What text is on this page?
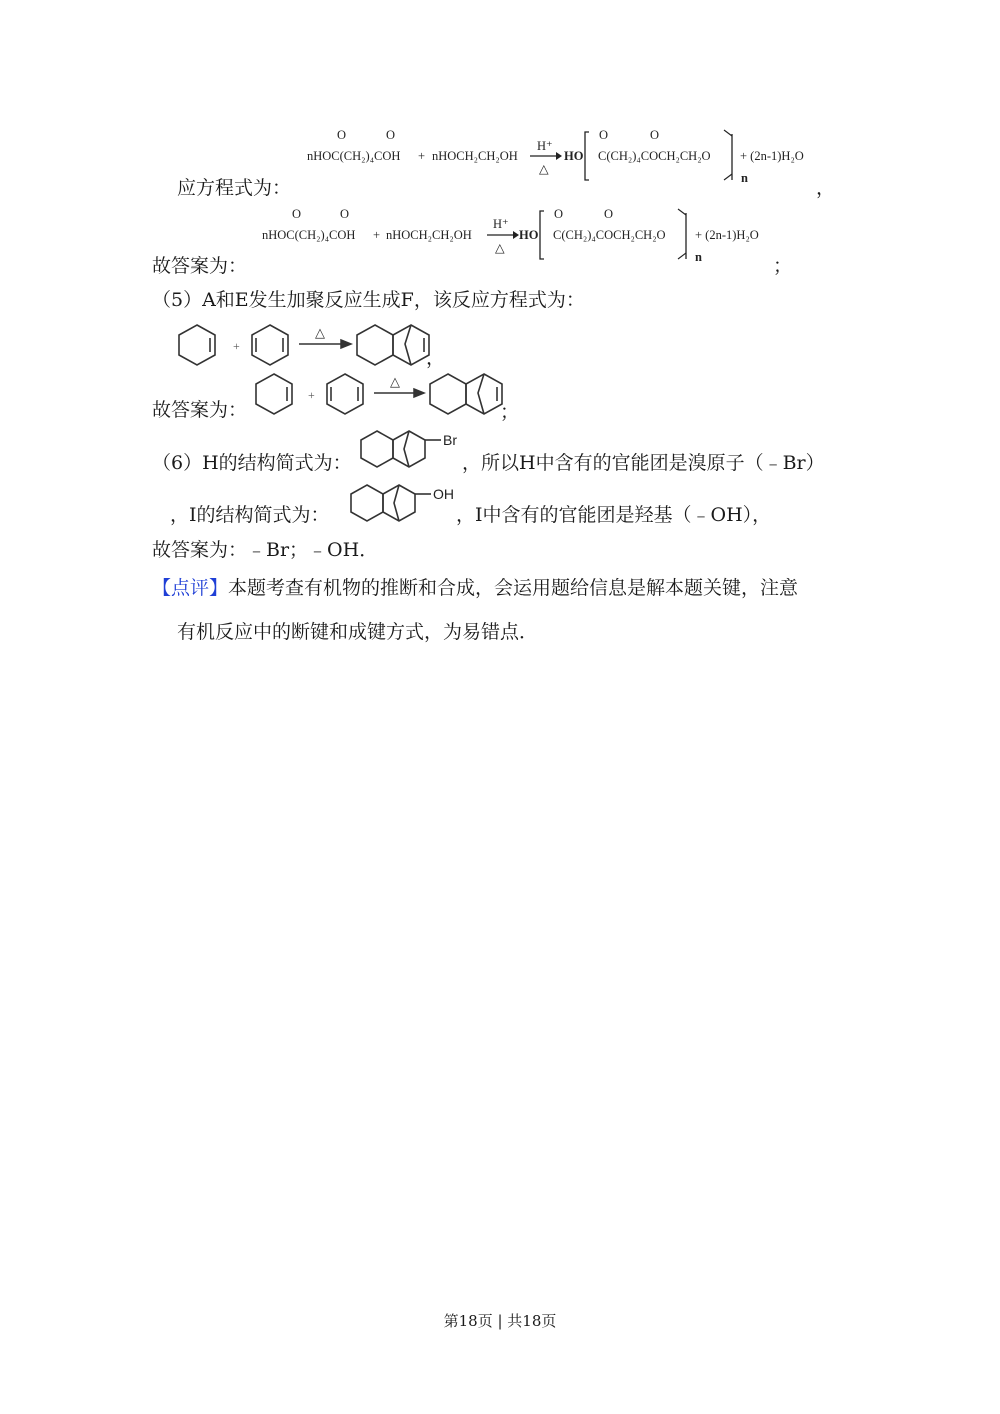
O	O
nHOC(CH₂)₄COH + nHOCH₂CH₂OH
H⁺
△
HO
O	O
C(CH₂)₄COCH₂CH₂O
n
+ (2n-1)H₂O
应方程式为：	，
O	O
nHOC(CH₂)₄COH + nHOCH₂CH₂OH
H⁺
△
HO
O	O
C(CH₂)₄COCH₂CH₂O
n
+ (2n-1)H₂O
故答案为：	；
（5）A和E发生加聚反应生成F，该反应方程式为：
+
△
，
故答案为：
+
△
；
（6）H的结构简式为：
Br
，所以H中含有的官能团是溴原子（﹣Br）
，I的结构简式为：
OH
，I中含有的官能团是羟基（﹣OH），
故答案为：﹣Br；﹣OH．
【点评】本题考查有机物的推断和合成，会运用题给信息是解本题关键，注意
有机反应中的断键和成键方式，为易错点．
第18页 | 共18页
